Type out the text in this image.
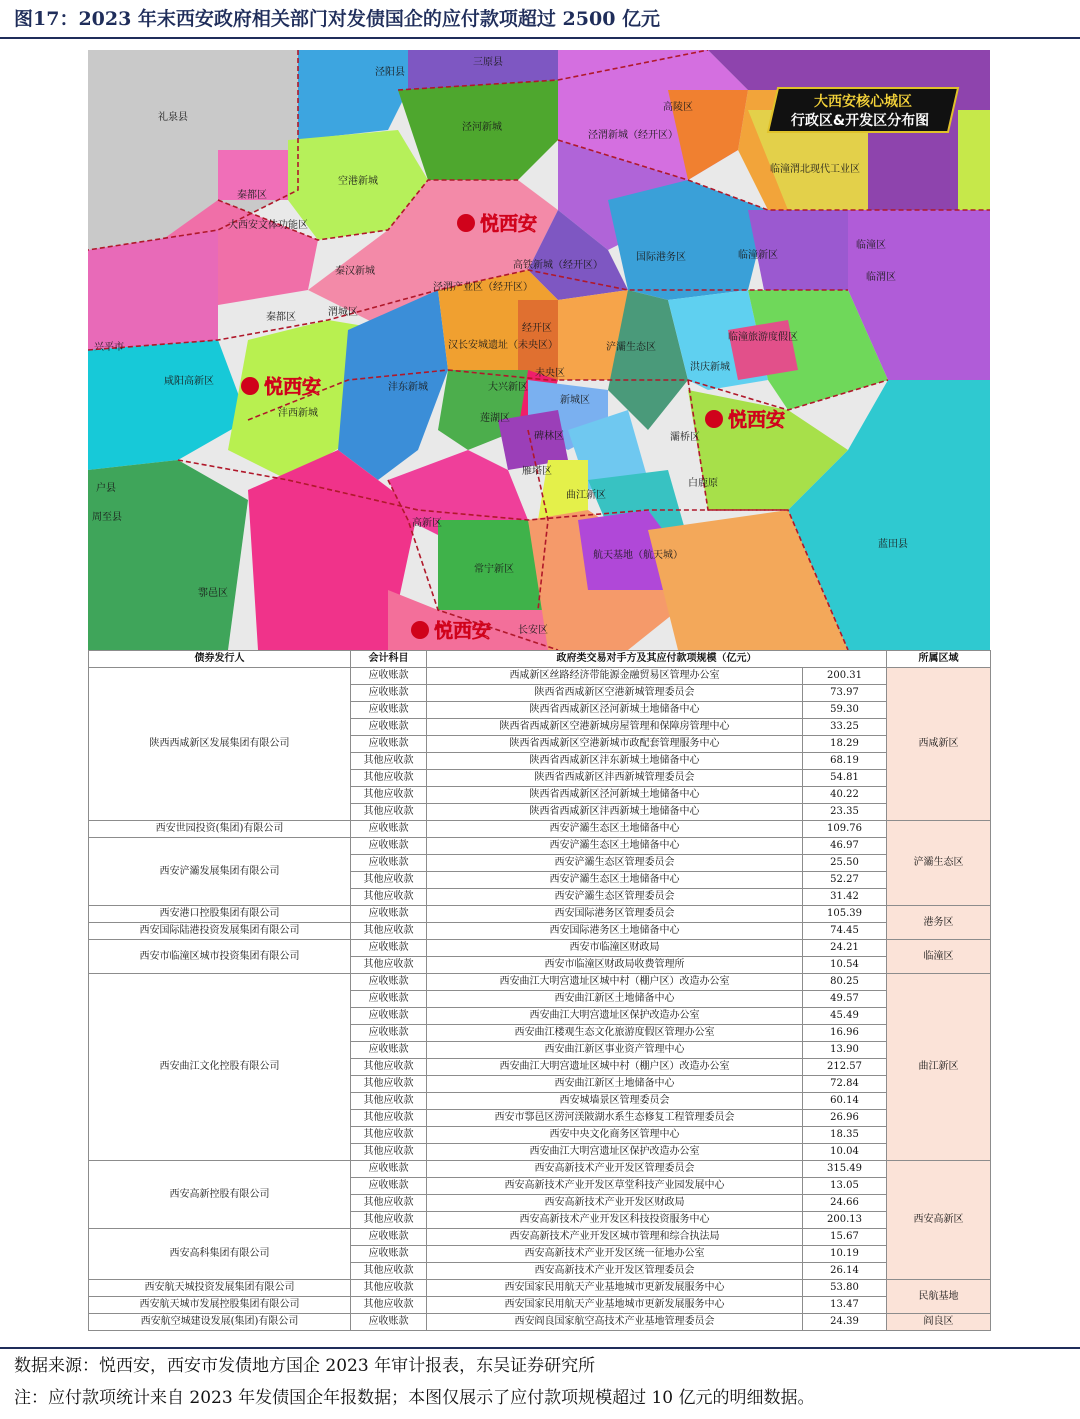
图17：2023 年末西安政府相关部门对发债国企的应付款项超过 2500 亿元
大西安核心城区
行政区&开发区分布图
悦西安
悦西安
悦西安
悦西安
泾阳县
三原县
礼泉县
泾河新城
泾渭新城（经开区）
高陵区
空港新城
秦都区
大西安文体功能区
临潼渭北现代工业区
临潼区
秦汉新城
高铁新城（经开区）
国际港务区	临潼新区
临渭区
渭城区
秦都区
经开区
泾渭产业区（经开区）
浐灞生态区
洪庆新城
临潼旅游度假区
兴平市
咸阳高新区
沣东新城
汉长安城遗址（未央区）
未央区
大兴新区
新城区
灞桥区
沣西新城	莲湖区
碑林区
雁塔区
曲江新区
白鹿原
户县
周至县
高新区
航天基地（航天城）
蓝田县
鄠邑区
长安区
常宁新区
债券发行人	会计科目	政府类交易对手方及其应付款项规模（亿元）		所属区域
陕西西咸新区发展集团有限公司	应收账款	西咸新区丝路经济带能源金融贸易区管理办公室	200.31	西咸新区
	应收账款	陕西省西咸新区空港新城管理委员会	73.97	
	应收账款	陕西省西咸新区泾河新城土地储备中心	59.30	
	应收账款	陕西省西咸新区空港新城房屋管理和保障房管理中心	33.25	
	应收账款	陕西省西咸新区空港新城市政配套管理服务中心	18.29	
	其他应收款	陕西省西咸新区沣东新城土地储备中心	68.19	
	其他应收款	陕西省西咸新区沣西新城管理委员会	54.81	
	其他应收款	陕西省西咸新区泾河新城土地储备中心	40.22	
	其他应收款	陕西省西咸新区沣西新城土地储备中心	23.35	
西安世园投资(集团)有限公司	应收账款	西安浐灞生态区土地储备中心	109.76	浐灞生态区
西安浐灞发展集团有限公司	应收账款	西安浐灞生态区土地储备中心	46.97	
	应收账款	西安浐灞生态区管理委员会	25.50	
	其他应收款	西安浐灞生态区土地储备中心	52.27	
	其他应收款	西安浐灞生态区管理委员会	31.42	
西安港口控股集团有限公司	应收账款	西安国际港务区管理委员会	105.39	港务区
西安国际陆港投资发展集团有限公司	其他应收款	西安国际港务区土地储备中心	74.45	
西安市临潼区城市投资集团有限公司	应收账款	西安市临潼区财政局	24.21	临潼区
	其他应收款	西安市临潼区财政局收费管理所	10.54	
西安曲江文化控股有限公司	应收账款	西安曲江大明宫遗址区城中村（棚户区）改造办公室	80.25	曲江新区
	应收账款	西安曲江新区土地储备中心	49.57	
	应收账款	西安曲江大明宫遗址区保护改造办公室	45.49	
	应收账款	西安曲江楼观生态文化旅游度假区管理办公室	16.96	
	应收账款	西安曲江新区事业资产管理中心	13.90	
	其他应收款	西安曲江大明宫遗址区城中村（棚户区）改造办公室	212.57	
	其他应收款	西安曲江新区土地储备中心	72.84	
	其他应收款	西安城墙景区管理委员会	60.14	
	其他应收款	西安市鄠邑区涝河渼陂湖水系生态修复工程管理委员会	26.96	
	其他应收款	西安中央文化商务区管理中心	18.35	
	其他应收款	西安曲江大明宫遗址区保护改造办公室	10.04	
西安高新控股有限公司	应收账款	西安高新技术产业开发区管理委员会	315.49	西安高新区
	应收账款	西安高新技术产业开发区草堂科技产业园发展中心	13.05	
	其他应收款	西安高新技术产业开发区财政局	24.66	
	其他应收款	西安高新技术产业开发区科技投资服务中心	200.13	
西安高科集团有限公司	应收账款	西安高新技术产业开发区城市管理和综合执法局	15.67	
	应收账款	西安高新技术产业开发区统一征地办公室	10.19	
	其他应收款	西安高新技术产业开发区管理委员会	26.14	
西安航天城投资发展集团有限公司	其他应收款	西安国家民用航天产业基地城市更新发展服务中心	53.80	民航基地
西安航天城市发展控股集团有限公司	其他应收款	西安国家民用航天产业基地城市更新发展服务中心	13.47	
西安航空城建设发展(集团)有限公司	应收账款	西安阎良国家航空高技术产业基地管理委员会	24.39	阎良区
数据来源：悦西安，西安市发债地方国企 2023 年审计报表，东吴证券研究所
注：应付款项统计来自 2023 年发债国企年报数据；本图仅展示了应付款项规模超过 10 亿元的明细数据。
